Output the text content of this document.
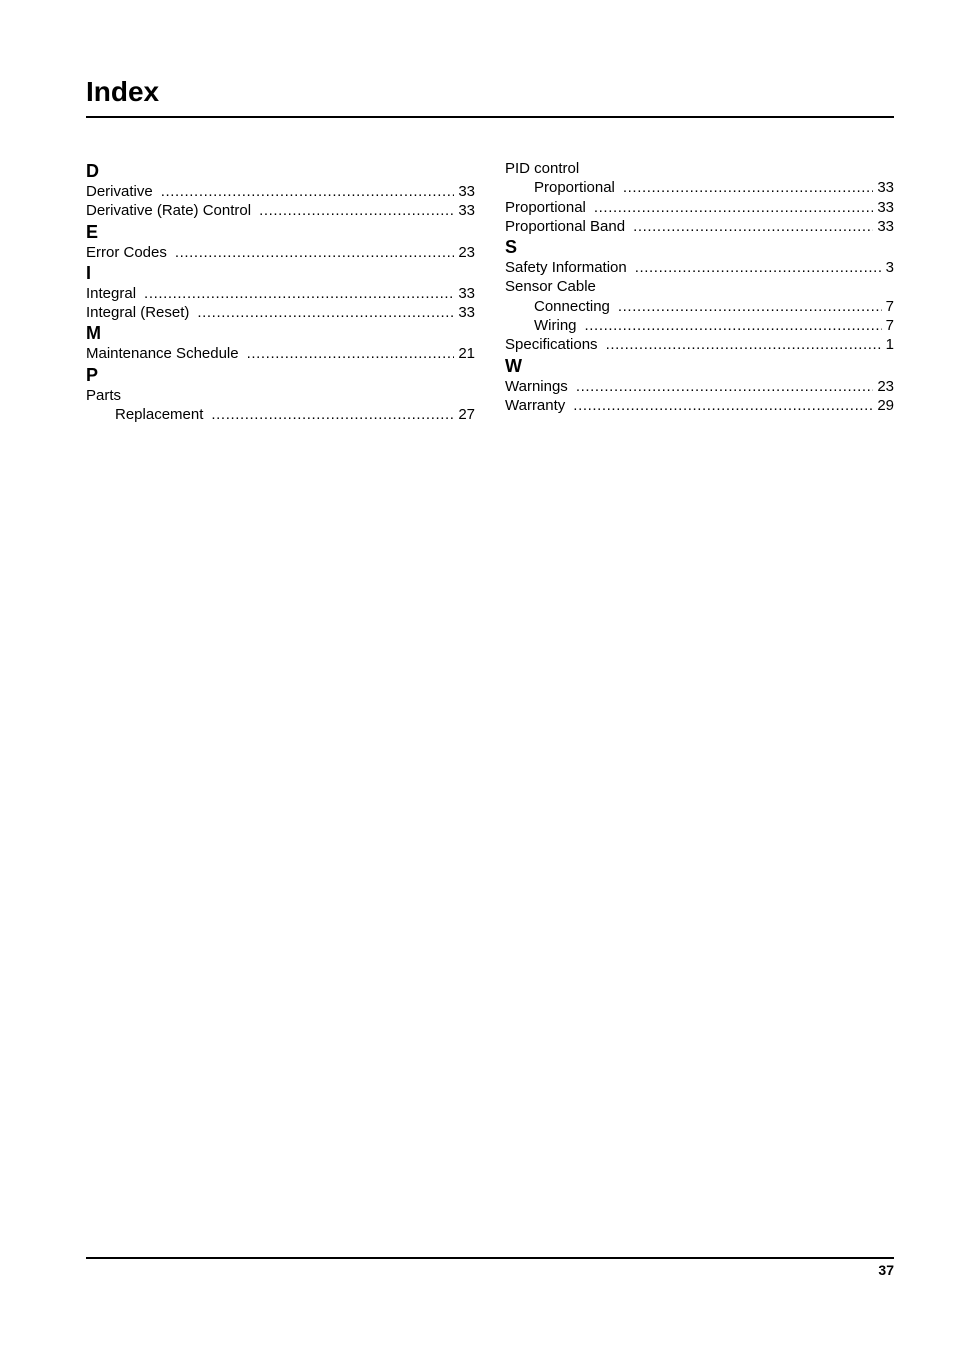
Index
D
Derivative .....	33
Derivative (Rate) Control .....	33
E
Error Codes .....	23
I
Integral .....	33
Integral (Reset) .....	33
M
Maintenance Schedule .....	21
P
Parts
Replacement .....	27
PID control
Proportional .....	33
Proportional .....	33
Proportional Band .....	33
S
Safety Information .....	3
Sensor Cable
Connecting .....	7
Wiring .....	7
Specifications .....	1
W
Warnings .....	23
Warranty .....	29
37
